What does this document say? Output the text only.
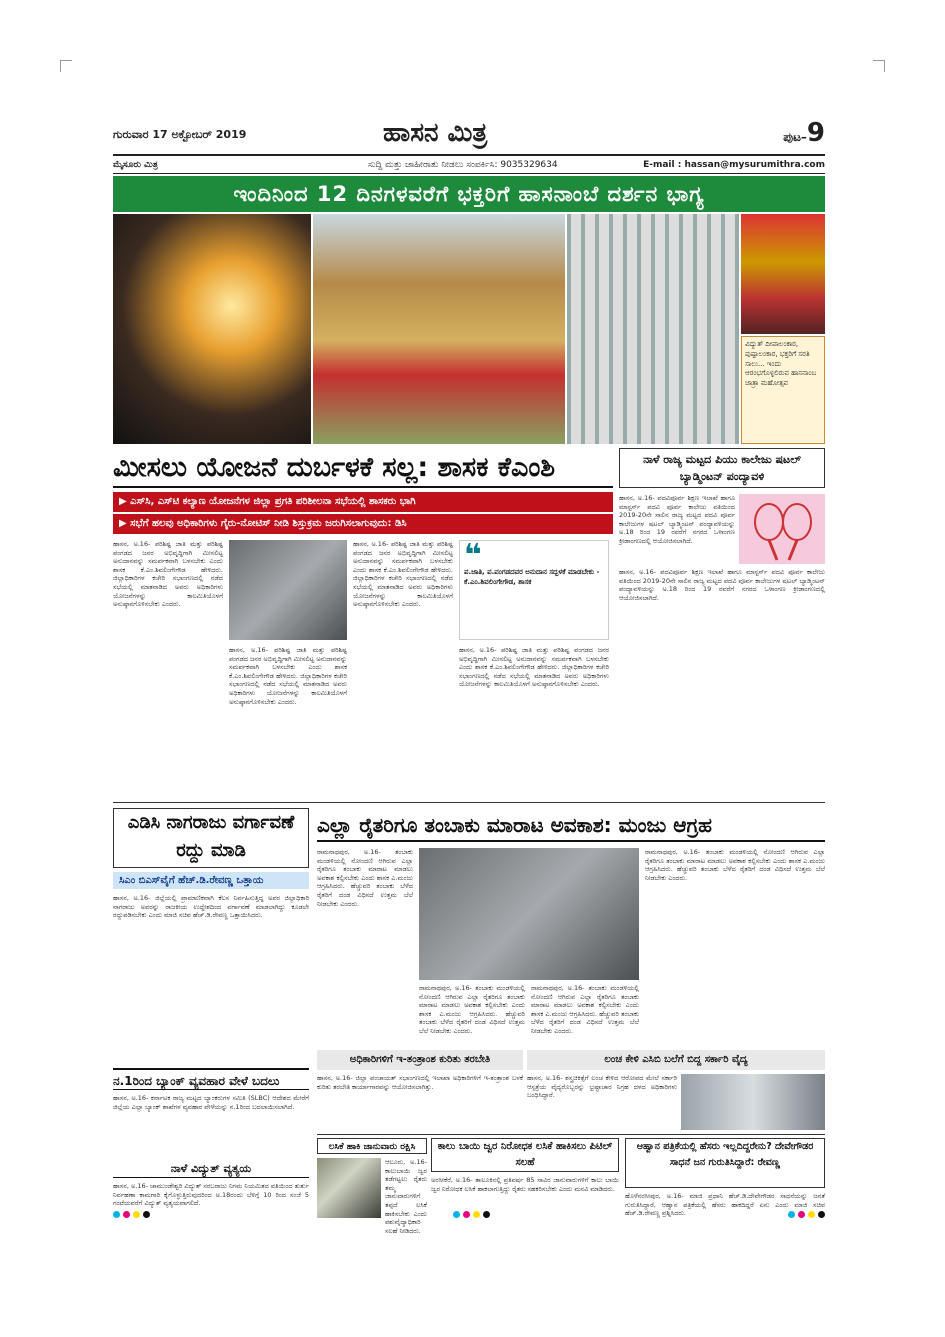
ಗುರುವಾರ 17 ಅಕ್ಟೋಬರ್ 2019	ಹಾಸನ ಮಿತ್ರ	ಪುಟ–9
ಮೈಸೂರು ಮಿತ್ರ	ಸುದ್ದಿ ಮತ್ತು ಜಾಹೀರಾತು ನೀಡಲು ಸಂಪರ್ಕಿಸಿ: 9035329634	E-mail : hassan@mysurumithra.com
ಇಂದಿನಿಂದ 12 ದಿನಗಳವರೆಗೆ ಭಕ್ತರಿಗೆ ಹಾಸನಾಂಬೆ ದರ್ಶನ ಭಾಗ್ಯ
ವಿದ್ಯುತ್ ದೀಪಾಲಂಕಾರ, ಪುಷ್ಪಾಲಂಕಾರ, ಭಕ್ತರಿಗೆ ಸರತಿ ಸಾಲು... ಇಂದು ಆರಂಭಗೊಳ್ಳಲಿರುವ ಹಾಸನಾಂಬ ಜಾತ್ರಾ ಮಹೋತ್ಸವ
ಮೀಸಲು ಯೋಜನೆ ದುರ್ಬಳಕೆ ಸಲ್ಲ: ಶಾಸಕ ಕೆಎಂಶಿ
▶ ಎಸ್‌ಸಿ, ಎಸ್‌ಟಿ ಕಲ್ಯಾಣ ಯೋಜನೆಗಳ ಜಿಲ್ಲಾ ಪ್ರಗತಿ ಪರಿಶೀಲನಾ ಸಭೆಯಲ್ಲಿ ಶಾಸಕರು ಭಾಗಿ
▶ ಸಭೆಗೆ ಹಲವು ಅಧಿಕಾರಿಗಳು ಗೈರು-ನೋಟಿಸ್ ನೀಡಿ ಶಿಸ್ತುಕ್ರಮ ಜರುಗಿಸಲಾಗುವುದು: ಡಿಸಿ
ಹಾಸನ, ಅ.16- ಪರಿಶಿಷ್ಟ ಜಾತಿ ಮತ್ತು ಪರಿಶಿಷ್ಟ ಪಂಗಡದ ಜನರ ಅಭಿವೃದ್ಧಿಗಾಗಿ ಮೀಸಲಿಟ್ಟ ಅನುದಾನವನ್ನು ಸಮರ್ಪಕವಾಗಿ ಬಳಸಬೇಕು ಎಂದು ಶಾಸಕ ಕೆ.ಎಂ.ಶಿವಲಿಂಗೇಗೌಡ ಹೇಳಿದರು. ಜಿಲ್ಲಾಧಿಕಾರಿಗಳ ಕಚೇರಿ ಸಭಾಂಗಣದಲ್ಲಿ ನಡೆದ ಸಭೆಯಲ್ಲಿ ಮಾತನಾಡಿದ ಅವರು ಅಧಿಕಾರಿಗಳು ಯೋಜನೆಗಳನ್ನು ಕಾಲಮಿತಿಯೊಳಗೆ ಅನುಷ್ಠಾನಗೊಳಿಸಬೇಕು ಎಂದರು.
ಹಾಸನ, ಅ.16- ಪರಿಶಿಷ್ಟ ಜಾತಿ ಮತ್ತು ಪರಿಶಿಷ್ಟ ಪಂಗಡದ ಜನರ ಅಭಿವೃದ್ಧಿಗಾಗಿ ಮೀಸಲಿಟ್ಟ ಅನುದಾನವನ್ನು ಸಮರ್ಪಕವಾಗಿ ಬಳಸಬೇಕು ಎಂದು ಶಾಸಕ ಕೆ.ಎಂ.ಶಿವಲಿಂಗೇಗೌಡ ಹೇಳಿದರು. ಜಿಲ್ಲಾಧಿಕಾರಿಗಳ ಕಚೇರಿ ಸಭಾಂಗಣದಲ್ಲಿ ನಡೆದ ಸಭೆಯಲ್ಲಿ ಮಾತನಾಡಿದ ಅವರು ಅಧಿಕಾರಿಗಳು ಯೋಜನೆಗಳನ್ನು ಕಾಲಮಿತಿಯೊಳಗೆ ಅನುಷ್ಠಾನಗೊಳಿಸಬೇಕು ಎಂದರು.
ಹಾಸನ, ಅ.16- ಪರಿಶಿಷ್ಟ ಜಾತಿ ಮತ್ತು ಪರಿಶಿಷ್ಟ ಪಂಗಡದ ಜನರ ಅಭಿವೃದ್ಧಿಗಾಗಿ ಮೀಸಲಿಟ್ಟ ಅನುದಾನವನ್ನು ಸಮರ್ಪಕವಾಗಿ ಬಳಸಬೇಕು ಎಂದು ಶಾಸಕ ಕೆ.ಎಂ.ಶಿವಲಿಂಗೇಗೌಡ ಹೇಳಿದರು. ಜಿಲ್ಲಾಧಿಕಾರಿಗಳ ಕಚೇರಿ ಸಭಾಂಗಣದಲ್ಲಿ ನಡೆದ ಸಭೆಯಲ್ಲಿ ಮಾತನಾಡಿದ ಅವರು ಅಧಿಕಾರಿಗಳು ಯೋಜನೆಗಳನ್ನು ಕಾಲಮಿತಿಯೊಳಗೆ ಅನುಷ್ಠಾನಗೊಳಿಸಬೇಕು ಎಂದರು.
❝
ಪ.ಜಾತಿ, ಪ.ಪಂಗಡದವರ ಅನುದಾನ ಸದ್ಬಳಕೆ ಮಾಡಬೇಕು - ಕೆ.ಎಂ.ಶಿವಲಿಂಗೇಗೌಡ, ಶಾಸಕ
ಹಾಸನ, ಅ.16- ಪರಿಶಿಷ್ಟ ಜಾತಿ ಮತ್ತು ಪರಿಶಿಷ್ಟ ಪಂಗಡದ ಜನರ ಅಭಿವೃದ್ಧಿಗಾಗಿ ಮೀಸಲಿಟ್ಟ ಅನುದಾನವನ್ನು ಸಮರ್ಪಕವಾಗಿ ಬಳಸಬೇಕು ಎಂದು ಶಾಸಕ ಕೆ.ಎಂ.ಶಿವಲಿಂಗೇಗೌಡ ಹೇಳಿದರು. ಜಿಲ್ಲಾಧಿಕಾರಿಗಳ ಕಚೇರಿ ಸಭಾಂಗಣದಲ್ಲಿ ನಡೆದ ಸಭೆಯಲ್ಲಿ ಮಾತನಾಡಿದ ಅವರು ಅಧಿಕಾರಿಗಳು ಯೋಜನೆಗಳನ್ನು ಕಾಲಮಿತಿಯೊಳಗೆ ಅನುಷ್ಠಾನಗೊಳಿಸಬೇಕು ಎಂದರು.
ನಾಳೆ ರಾಜ್ಯ ಮಟ್ಟದ ಪಿಯು ಕಾಲೇಜು ಷಟಲ್ ಬ್ಯಾಡ್ಮಿಂಟನ್ ಪಂದ್ಯಾವಳಿ
ಹಾಸನ, ಅ.16- ಪದವಿಪೂರ್ವ ಶಿಕ್ಷಣ ಇಲಾಖೆ ಹಾಗೂ ಮಾಸ್ಟರ್ಸ್ ಪದವಿ ಪೂರ್ವ ಕಾಲೇಜು ವತಿಯಿಂದ 2019-20ನೇ ಸಾಲಿನ ರಾಜ್ಯ ಮಟ್ಟದ ಪದವಿ ಪೂರ್ವ ಕಾಲೇಜುಗಳ ಷಟಲ್ ಬ್ಯಾಡ್ಮಿಂಟನ್ ಪಂದ್ಯಾವಳಿಯನ್ನು ಅ.18 ರಿಂದ 19 ರವರೆಗೆ ನಗರದ ಒಳಾಂಗಣ ಕ್ರೀಡಾಂಗಣದಲ್ಲಿ ಆಯೋಜಿಸಲಾಗಿದೆ.
ಹಾಸನ, ಅ.16- ಪದವಿಪೂರ್ವ ಶಿಕ್ಷಣ ಇಲಾಖೆ ಹಾಗೂ ಮಾಸ್ಟರ್ಸ್ ಪದವಿ ಪೂರ್ವ ಕಾಲೇಜು ವತಿಯಿಂದ 2019-20ನೇ ಸಾಲಿನ ರಾಜ್ಯ ಮಟ್ಟದ ಪದವಿ ಪೂರ್ವ ಕಾಲೇಜುಗಳ ಷಟಲ್ ಬ್ಯಾಡ್ಮಿಂಟನ್ ಪಂದ್ಯಾವಳಿಯನ್ನು ಅ.18 ರಿಂದ 19 ರವರೆಗೆ ನಗರದ ಒಳಾಂಗಣ ಕ್ರೀಡಾಂಗಣದಲ್ಲಿ ಆಯೋಜಿಸಲಾಗಿದೆ.
ಎಡಿಸಿ ನಾಗರಾಜು ವರ್ಗಾವಣೆ ರದ್ದು ಮಾಡಿ
ಸಿಎಂ ಬಿಎಸ್‌ವೈಗೆ ಹೆಚ್.ಡಿ.ರೇವಣ್ಣ ಒತ್ತಾಯ
ಹಾಸನ, ಅ.16- ಜಿಲ್ಲೆಯಲ್ಲಿ ಪ್ರಾಮಾಣಿಕವಾಗಿ ಕೆಲಸ ನಿರ್ವಹಿಸುತ್ತಿದ್ದ ಅಪರ ಜಿಲ್ಲಾಧಿಕಾರಿ ನಾಗರಾಜು ಅವರನ್ನು ರಾಜಕೀಯ ಉದ್ದೇಶದಿಂದ ವರ್ಗಾವಣೆ ಮಾಡಲಾಗಿದ್ದು ಕೂಡಲೇ ರದ್ದುಪಡಿಸಬೇಕು ಎಂದು ಮಾಜಿ ಸಚಿವ ಹೆಚ್.ಡಿ.ರೇವಣ್ಣ ಒತ್ತಾಯಿಸಿದರು.
ನ.1ರಿಂದ ಬ್ಯಾಂಕ್ ವ್ಯವಹಾರ ವೇಳೆ ಬದಲು
ಹಾಸನ, ಅ.16- ಕರ್ನಾಟಕ ರಾಜ್ಯ ಮಟ್ಟದ ಬ್ಯಾಂಕರುಗಳ ಸಮಿತಿ (SLBC) ಆದೇಶದ ಮೇರೆಗೆ ಜಿಲ್ಲೆಯ ಎಲ್ಲಾ ಬ್ಯಾಂಕ್ ಶಾಖೆಗಳ ವ್ಯವಹಾರ ವೇಳೆಯನ್ನು ನ.1ರಿಂದ ಬದಲಾಯಿಸಲಾಗಿದೆ.
ನಾಳೆ ವಿದ್ಯುತ್ ವ್ಯತ್ಯಯ
ಹಾಸನ, ಅ.16- ಚಾಮುಂಡೇಶ್ವರಿ ವಿದ್ಯುತ್ ಸರಬರಾಜು ನಿಗಮ ನಿಯಮಿತದ ವತಿಯಿಂದ ತುರ್ತು ನಿರ್ವಹಣಾ ಕಾಮಗಾರಿ ಕೈಗೊಳ್ಳುತ್ತಿರುವುದರಿಂದ ಅ.18ರಂದು ಬೆಳಿಗ್ಗೆ 10 ರಿಂದ ಸಂಜೆ 5 ಗಂಟೆಯವರೆಗೆ ವಿದ್ಯುತ್ ವ್ಯತ್ಯಯವಾಗಲಿದೆ.
ಎಲ್ಲಾ ರೈತರಿಗೂ ತಂಬಾಕು ಮಾರಾಟ ಅವಕಾಶ: ಮಂಜು ಆಗ್ರಹ
ರಾಮನಾಥಪುರ, ಅ.16- ತಂಬಾಕು ಮಂಡಳಿಯಲ್ಲಿ ನೋಂದಣಿ ಆಗಿರುವ ಎಲ್ಲಾ ರೈತರಿಗೂ ತಂಬಾಕು ಮಾರಾಟ ಮಾಡಲು ಅವಕಾಶ ಕಲ್ಪಿಸಬೇಕು ಎಂದು ಶಾಸಕ ಎ.ಮಂಜು ಆಗ್ರಹಿಸಿದರು. ಹೆಚ್ಚುವರಿ ತಂಬಾಕು ಬೆಳೆದ ರೈತರಿಗೆ ದಂಡ ವಿಧಿಸದೆ ಉತ್ತಮ ಬೆಲೆ ನೀಡಬೇಕು ಎಂದರು.
ರಾಮನಾಥಪುರ, ಅ.16- ತಂಬಾಕು ಮಂಡಳಿಯಲ್ಲಿ ನೋಂದಣಿ ಆಗಿರುವ ಎಲ್ಲಾ ರೈತರಿಗೂ ತಂಬಾಕು ಮಾರಾಟ ಮಾಡಲು ಅವಕಾಶ ಕಲ್ಪಿಸಬೇಕು ಎಂದು ಶಾಸಕ ಎ.ಮಂಜು ಆಗ್ರಹಿಸಿದರು. ಹೆಚ್ಚುವರಿ ತಂಬಾಕು ಬೆಳೆದ ರೈತರಿಗೆ ದಂಡ ವಿಧಿಸದೆ ಉತ್ತಮ ಬೆಲೆ ನೀಡಬೇಕು ಎಂದರು.
ರಾಮನಾಥಪುರ, ಅ.16- ತಂಬಾಕು ಮಂಡಳಿಯಲ್ಲಿ ನೋಂದಣಿ ಆಗಿರುವ ಎಲ್ಲಾ ರೈತರಿಗೂ ತಂಬಾಕು ಮಾರಾಟ ಮಾಡಲು ಅವಕಾಶ ಕಲ್ಪಿಸಬೇಕು ಎಂದು ಶಾಸಕ ಎ.ಮಂಜು ಆಗ್ರಹಿಸಿದರು. ಹೆಚ್ಚುವರಿ ತಂಬಾಕು ಬೆಳೆದ ರೈತರಿಗೆ ದಂಡ ವಿಧಿಸದೆ ಉತ್ತಮ ಬೆಲೆ ನೀಡಬೇಕು ಎಂದರು.
ರಾಮನಾಥಪುರ, ಅ.16- ತಂಬಾಕು ಮಂಡಳಿಯಲ್ಲಿ ನೋಂದಣಿ ಆಗಿರುವ ಎಲ್ಲಾ ರೈತರಿಗೂ ತಂಬಾಕು ಮಾರಾಟ ಮಾಡಲು ಅವಕಾಶ ಕಲ್ಪಿಸಬೇಕು ಎಂದು ಶಾಸಕ ಎ.ಮಂಜು ಆಗ್ರಹಿಸಿದರು. ಹೆಚ್ಚುವರಿ ತಂಬಾಕು ಬೆಳೆದ ರೈತರಿಗೆ ದಂಡ ವಿಧಿಸದೆ ಉತ್ತಮ ಬೆಲೆ ನೀಡಬೇಕು ಎಂದರು.
ಅಧಿಕಾರಿಗಳಿಗೆ ಇ-ತಂತ್ರಾಂಶ ಕುರಿತು ತರಬೇತಿ
ಹಾಸನ, ಅ.16- ಜಿಲ್ಲಾ ಪಂಚಾಯತ್ ಸಭಾಂಗಣದಲ್ಲಿ ಇಲಾಖಾ ಅಧಿಕಾರಿಗಳಿಗೆ ಇ-ತಂತ್ರಾಂಶ ಬಳಕೆ ಕುರಿತು ತರಬೇತಿ ಕಾರ್ಯಾಗಾರವನ್ನು ಆಯೋಜಿಸಲಾಗಿತ್ತು.
ಲಂಚ ಕೇಳಿ ಎಸಿಬಿ ಬಲೆಗೆ ಬಿದ್ದ ಸರ್ಕಾರಿ ವೈದ್ಯ
ಹಾಸನ, ಅ.16- ಶಸ್ತ್ರಚಿಕಿತ್ಸೆಗೆ ಲಂಚ ಕೇಳಿದ ಆರೋಪದ ಮೇಲೆ ಸರ್ಕಾರಿ ಆಸ್ಪತ್ರೆಯ ವೈದ್ಯರೊಬ್ಬರನ್ನು ಭ್ರಷ್ಟಾಚಾರ ನಿಗ್ರಹ ದಳದ ಅಧಿಕಾರಿಗಳು ಬಂಧಿಸಿದ್ದಾರೆ.
ಲಸಿಕೆ ಹಾಕಿ ಜಾನುವಾರು ರಕ್ಷಿಸಿ
ಆಲೂರು, ಅ.16- ಕಾಲುಬಾಯಿ ಜ್ವರ ತಡೆಗಟ್ಟಲು ರೈತರು ತಮ್ಮ ಜಾನುವಾರುಗಳಿಗೆ ತಪ್ಪದೆ ಲಸಿಕೆ ಹಾಕಿಸಬೇಕು ಎಂದು ಪಶುವೈದ್ಯಾಧಿಕಾರಿ ಸಲಹೆ ನೀಡಿದರು.
ಕಾಲು ಬಾಯಿ ಜ್ವರ ನಿರೋಧಕ ಲಸಿಕೆ ಹಾಕಿಸಲು ಪಿಟಿಲ್ ಸಲಹೆ
ಅರಸೀಕೆರೆ, ಅ.16- ತಾಲೂಕಿನಲ್ಲಿ ಪ್ರತಿವರ್ಷ 85 ಸಾವಿರ ಜಾನುವಾರುಗಳಿಗೆ ಕಾಲು ಬಾಯಿ ಜ್ವರ ನಿರೋಧಕ ಲಸಿಕೆ ಹಾಕಲಾಗುತ್ತಿದ್ದು ರೈತರು ಸಹಕರಿಸಬೇಕು ಎಂದು ಮನವಿ ಮಾಡಿದರು.
ಆಹ್ವಾನ ಪತ್ರಿಕೆಯಲ್ಲಿ ಹೆಸರು ಇಲ್ಲದಿದ್ದರೇನು? ದೇವೇಗೌಡರ ಸಾಧನೆ ಜನ ಗುರುತಿಸಿದ್ದಾರೆ: ರೇವಣ್ಣ
ಹೊಳೆನರಸೀಪುರ, ಅ.16- ಮಾಜಿ ಪ್ರಧಾನಿ ಹೆಚ್.ಡಿ.ದೇವೇಗೌಡರ ಸಾಧನೆಯನ್ನು ಜನತೆ ಗುರುತಿಸಿದ್ದಾರೆ, ಆಹ್ವಾನ ಪತ್ರಿಕೆಯಲ್ಲಿ ಹೆಸರು ಹಾಕದಿದ್ದರೆ ಏನು ಎಂದು ಮಾಜಿ ಸಚಿವ ಹೆಚ್.ಡಿ.ರೇವಣ್ಣ ಪ್ರಶ್ನಿಸಿದರು.
